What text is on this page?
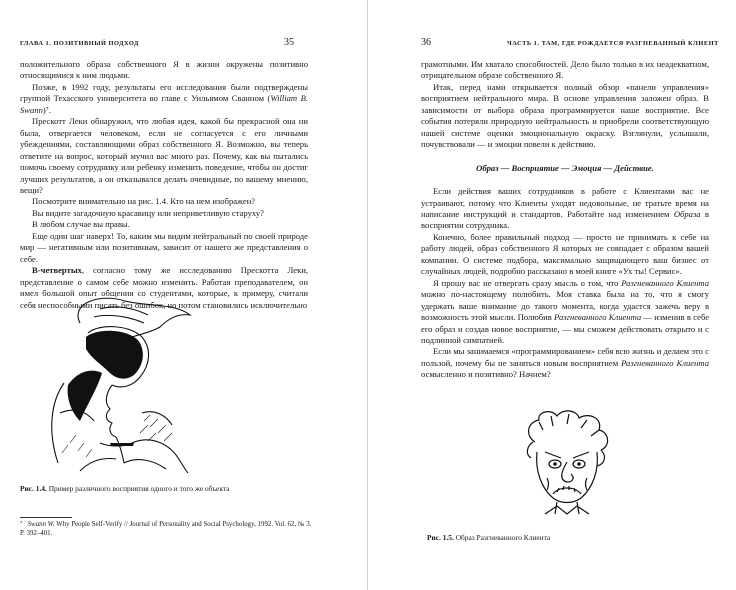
ГЛАВА 1. ПОЗИТИВНЫЙ ПОДХОД	35

положительного образа собственного Я в жизни окружены позитивно относящимися к ним людьми.

Позже, в 1992 году, результаты его исследования были подтверждены группой Техасского университета во главе с Уильямом Сванном (William B. Swann)⁷.

Прескотт Леки обнаружил, что любая идея, какой бы прекрасной она ни была, отвергается человеком, если не согласуется с его личными убеждениями, составляющими образ собственного Я. Возможно, вы теперь ответите на вопрос, который мучил вас много раз. Почему, как вы пытались помочь своему сотруднику или ребенку изменить поведение, чтобы он достиг лучших результатов, а он отказывался делать очевидные, по вашему мнению, вещи?

Посмотрите внимательно на рис. 1.4. Кто на нем изображен?

Вы видите загадочную красавицу или неприветливую старуху?

В любом случае вы правы.

Еще один шаг наверх! То, каким мы видим нейтральный по своей природе мир — негативным или позитивным, зависит от нашего же представления о себе.

В-четвертых, согласно тому же исследованию Прескотта Леки, представление о самом себе можно изменить. Работая преподавателем, он имел большой опыт общения со студентами, которые, к примеру, считали себя неспособными писать без ошибок, но потом становились исключительно

Рис. 1.4. Пример различного восприятия одного и того же объекта
⁷ Swann W. Why People Self-Verify // Journal of Personality and Social Psychology, 1992. Vol. 62, № 3. P. 392–401.
36	ЧАСТЬ 1. ТАМ, ГДЕ РОЖДАЕТСЯ РАЗГНЕВАННЫЙ КЛИЕНТ

грамотными. Им хватало способностей. Дело было только в их неадекватном, отрицательном образе собственного Я.

Итак, перед нами открывается полный обзор «панели управления» восприятием нейтрального мира. В основе управления заложен образ. В зависимости от выбора образа программируется наше восприятие. Все события потеряли природную нейтральность и приобрели соответствующую нашей системе оценки эмоциональную окраску. Взглянули, услышали, почувствовали — и эмоции повели к действию.

Образ — Восприятие — Эмоция — Действие.

Если действия ваших сотрудников в работе с Клиентами вас не устраивают, потому что Клиенты уходят недовольные, не тратьте время на написание инструкций и стандартов. Работайте над изменением Образа в восприятии сотрудника.

Конечно, более правильный подход — просто не принимать к себе на работу людей, образ собственного Я которых не совпадает с образом вашей компании. О системе подбора, максимально защищающего ваш бизнес от случайных людей, подробно рассказано в моей книге «Ух ты! Сервис».

Я прошу вас не отвергать сразу мысль о том, что Разгневанного Клиента можно по-настоящему полюбить. Моя ставка была на то, что я смогу удержать ваше внимание до такого момента, когда удастся зажечь веру в возможность этой мысли. Полюбив Разгневанного Клиента — изменив в себе его образ и создав новое восприятие, — мы сможем действовать открыто и с подлинной симпатией.

Если мы занимаемся «программированием» себя всю жизнь и делаем это с пользой, почему бы не заняться новым восприятием Разгневанного Клиента осмысленно и позитивно? Начнем?

Рис. 1.5. Образ Разгневанного Клиента
